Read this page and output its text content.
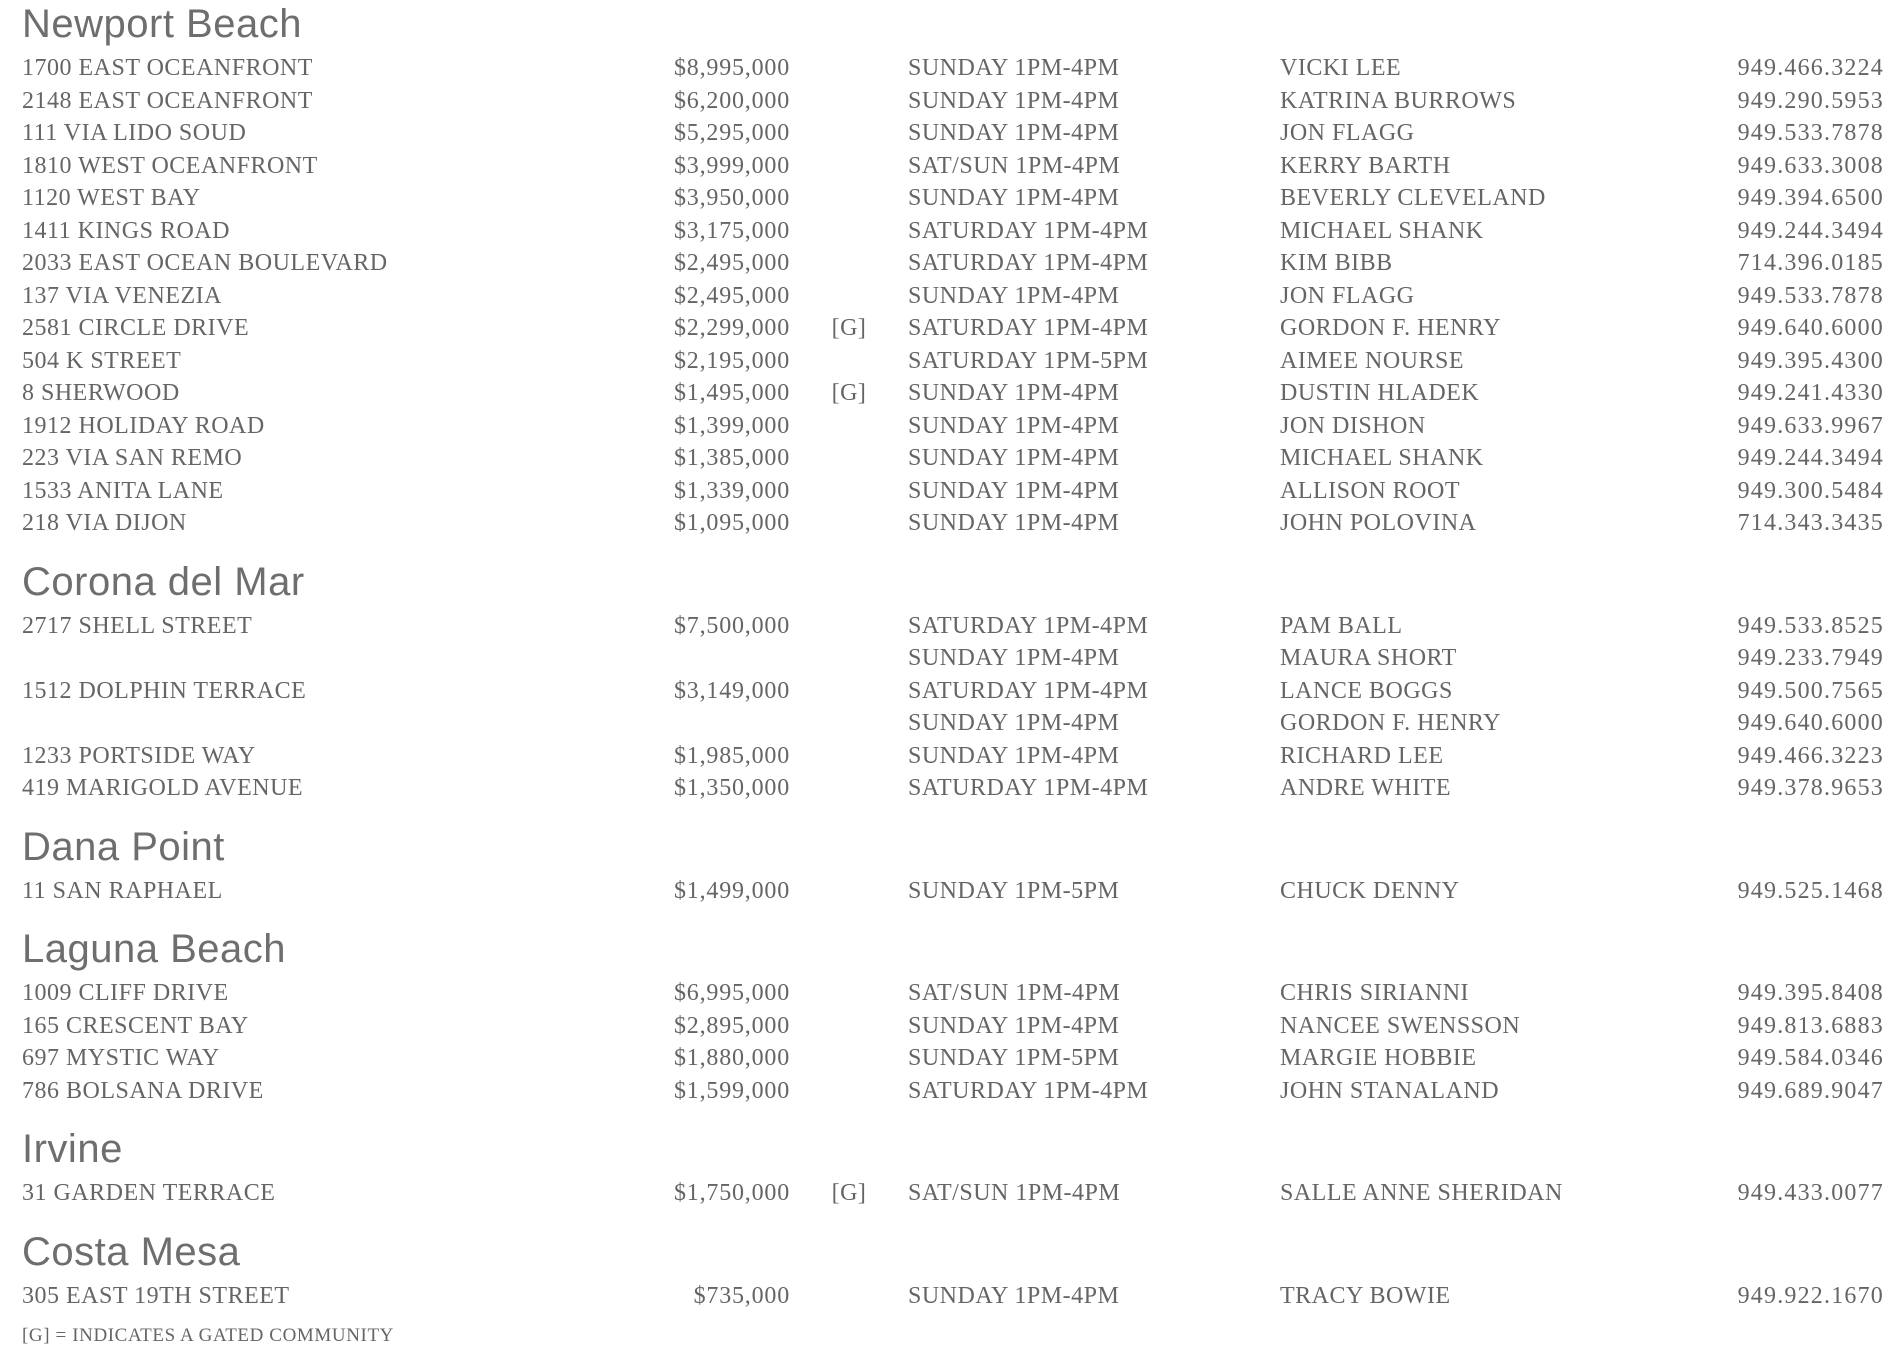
Newport Beach
1700 EAST OCEANFRONT	$8,995,000	SUNDAY 1PM-4PM	VICKI LEE	949.466.3224
2148 EAST OCEANFRONT	$6,200,000	SUNDAY 1PM-4PM	KATRINA BURROWS	949.290.5953
111 VIA LIDO SOUD	$5,295,000	SUNDAY 1PM-4PM	JON FLAGG	949.533.7878
1810 WEST OCEANFRONT	$3,999,000	SAT/SUN 1PM-4PM	KERRY BARTH	949.633.3008
1120 WEST BAY	$3,950,000	SUNDAY 1PM-4PM	BEVERLY CLEVELAND	949.394.6500
1411 KINGS ROAD	$3,175,000	SATURDAY 1PM-4PM	MICHAEL SHANK	949.244.3494
2033 EAST OCEAN BOULEVARD	$2,495,000	SATURDAY 1PM-4PM	KIM BIBB	714.396.0185
137 VIA VENEZIA	$2,495,000	SUNDAY 1PM-4PM	JON FLAGG	949.533.7878
2581 CIRCLE DRIVE	$2,299,000	[G]	SATURDAY 1PM-4PM	GORDON F. HENRY	949.640.6000
504 K STREET	$2,195,000	SATURDAY 1PM-5PM	AIMEE NOURSE	949.395.4300
8 SHERWOOD	$1,495,000	[G]	SUNDAY 1PM-4PM	DUSTIN HLADEK	949.241.4330
1912 HOLIDAY ROAD	$1,399,000	SUNDAY 1PM-4PM	JON DISHON	949.633.9967
223 VIA SAN REMO	$1,385,000	SUNDAY 1PM-4PM	MICHAEL SHANK	949.244.3494
1533 ANITA LANE	$1,339,000	SUNDAY 1PM-4PM	ALLISON ROOT	949.300.5484
218 VIA DIJON	$1,095,000	SUNDAY 1PM-4PM	JOHN POLOVINA	714.343.3435
Corona del Mar
2717 SHELL STREET	$7,500,000	SATURDAY 1PM-4PM	PAM BALL	949.533.8525
SUNDAY 1PM-4PM	MAURA SHORT	949.233.7949
1512 DOLPHIN TERRACE	$3,149,000	SATURDAY 1PM-4PM	LANCE BOGGS	949.500.7565
SUNDAY 1PM-4PM	GORDON F. HENRY	949.640.6000
1233 PORTSIDE WAY	$1,985,000	SUNDAY 1PM-4PM	RICHARD LEE	949.466.3223
419 MARIGOLD AVENUE	$1,350,000	SATURDAY 1PM-4PM	ANDRE WHITE	949.378.9653
Dana Point
11 SAN RAPHAEL	$1,499,000	SUNDAY 1PM-5PM	CHUCK DENNY	949.525.1468
Laguna Beach
1009 CLIFF DRIVE	$6,995,000	SAT/SUN 1PM-4PM	CHRIS SIRIANNI	949.395.8408
165 CRESCENT BAY	$2,895,000	SUNDAY 1PM-4PM	NANCEE SWENSSON	949.813.6883
697 MYSTIC WAY	$1,880,000	SUNDAY 1PM-5PM	MARGIE HOBBIE	949.584.0346
786 BOLSANA DRIVE	$1,599,000	SATURDAY 1PM-4PM	JOHN STANALAND	949.689.9047
Irvine
31 GARDEN TERRACE	$1,750,000	[G]	SAT/SUN 1PM-4PM	SALLE ANNE SHERIDAN	949.433.0077
Costa Mesa
305 EAST 19TH STREET	$735,000	SUNDAY 1PM-4PM	TRACY BOWIE	949.922.1670
[G] = INDICATES A GATED COMMUNITY
